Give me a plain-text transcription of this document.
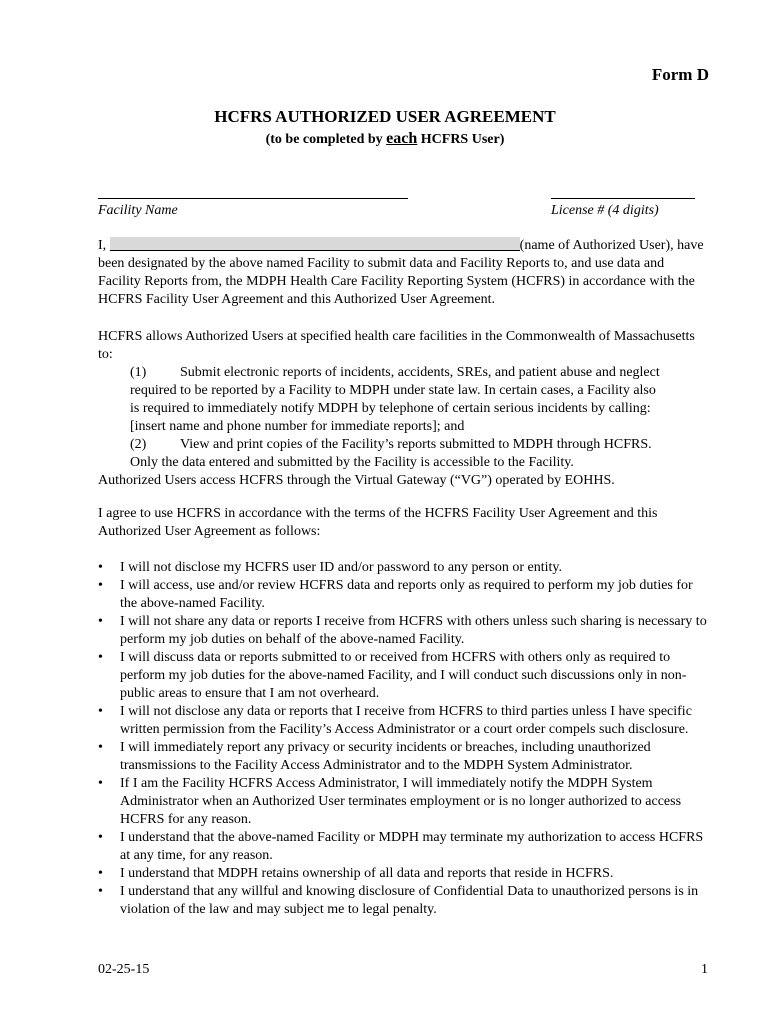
Form D
HCFRS AUTHORIZED USER AGREEMENT
(to be completed by each HCFRS User)
Facility Name	License # (4 digits)
I,	(name of Authorized User), have been designated by the above named Facility to submit data and Facility Reports to, and use data and Facility Reports from, the MDPH Health Care Facility Reporting System (HCFRS) in accordance with the HCFRS Facility User Agreement and this Authorized User Agreement.
HCFRS allows Authorized Users at specified health care facilities in the Commonwealth of Massachusetts to:
(1) Submit electronic reports of incidents, accidents, SREs, and patient abuse and neglect
required to be reported by a Facility to MDPH under state law. In certain cases, a Facility also
is required to immediately notify MDPH by telephone of certain serious incidents by calling:
[insert name and phone number for immediate reports]; and
(2) View and print copies of the Facility’s reports submitted to MDPH through HCFRS.
Only the data entered and submitted by the Facility is accessible to the Facility.
Authorized Users access HCFRS through the Virtual Gateway (“VG”) operated by EOHHS.
I agree to use HCFRS in accordance with the terms of the HCFRS Facility User Agreement and this Authorized User Agreement as follows:
• I will not disclose my HCFRS user ID and/or password to any person or entity.
• I will access, use and/or review HCFRS data and reports only as required to perform my job duties for the above-named Facility.
• I will not share any data or reports I receive from HCFRS with others unless such sharing is necessary to perform my job duties on behalf of the above-named Facility.
• I will discuss data or reports submitted to or received from HCFRS with others only as required to perform my job duties for the above-named Facility, and I will conduct such discussions only in non-public areas to ensure that I am not overheard.
• I will not disclose any data or reports that I receive from HCFRS to third parties unless I have specific written permission from the Facility’s Access Administrator or a court order compels such disclosure.
• I will immediately report any privacy or security incidents or breaches, including unauthorized transmissions to the Facility Access Administrator and to the MDPH System Administrator.
• If I am the Facility HCFRS Access Administrator, I will immediately notify the MDPH System Administrator when an Authorized User terminates employment or is no longer authorized to access HCFRS for any reason.
• I understand that the above-named Facility or MDPH may terminate my authorization to access HCFRS at any time, for any reason.
• I understand that MDPH retains ownership of all data and reports that reside in HCFRS.
• I understand that any willful and knowing disclosure of Confidential Data to unauthorized persons is in violation of the law and may subject me to legal penalty.
02-25-15	1
